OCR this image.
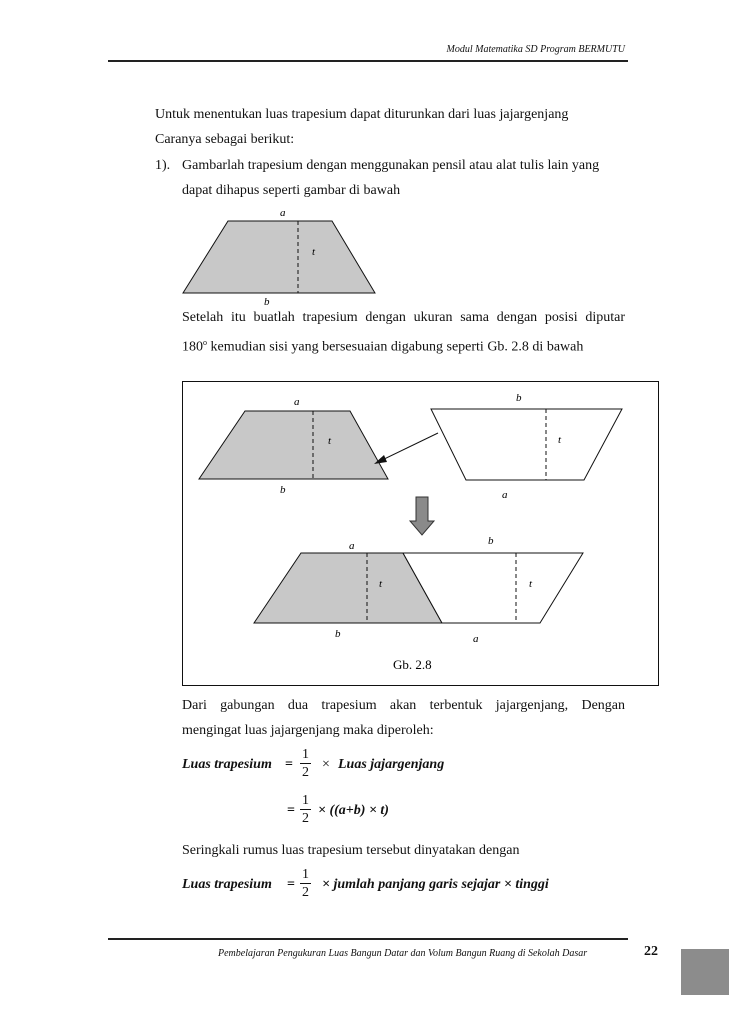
Modul Matematika SD Program BERMUTU
Untuk menentukan luas trapesium dapat diturunkan dari luas jajargenjang
Caranya sebagai berikut:
1). Gambarlah trapesium dengan menggunakan pensil atau alat tulis lain yang
dapat dihapus seperti gambar di bawah
a
t
b
Setelah itu buatlah trapesium dengan ukuran sama dengan posisi diputar
180$^o$ kemudian sisi yang bersesuaian digabung seperti Gb. 2.8 di bawah
a
t
b
b
t
a
a	b
t	t
b	a
Gb. 2.8
Dari gabungan dua trapesium akan terbentuk jajargenjang, Dengan
mengingat luas jajargenjang maka diperoleh:
Luas trapesium = $\frac{1}{2}$ × Luas jajargenjang
= $\frac{1}{2} \times ((a+b) \times t)$
Seringkali rumus luas trapesium tersebut dinyatakan dengan
Luas trapesium = $\frac{1}{2}$ × jumlah panjang garis sejajar × tinggi
Pembelajaran Pengukuran Luas Bangun Datar dan Volum Bangun Ruang di Sekolah Dasar	22
